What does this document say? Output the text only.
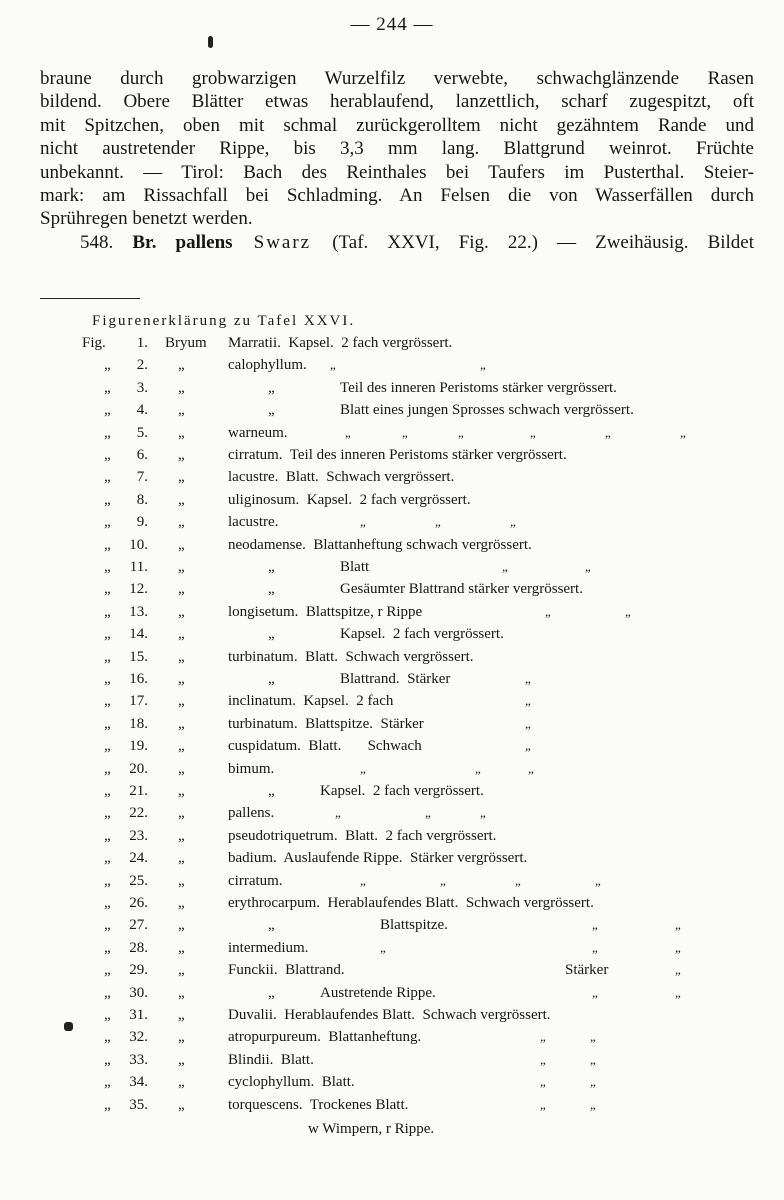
— 244 —
braune durch grobwarzigen Wurzelfilz verwebte, schwachglänzende Rasen
bildend. Obere Blätter etwas herablaufend, lanzettlich, scharf zugespitzt, oft
mit Spitzchen, oben mit schmal zurückgerolltem nicht gezähntem Rande und
nicht austretender Rippe, bis 3,3 mm lang. Blattgrund weinrot. Früchte
unbekannt. — Tirol: Bach des Reinthales bei Taufers im Pusterthal. Steier-
mark: am Rissachfall bei Schladming. An Felsen die von Wasserfällen durch
Sprühregen benetzt werden.
548. Br. pallens Swarz (Taf. XXVI, Fig. 22.) — Zweihäusig. Bildet
Figurenerklärung zu Tafel XXVI.
Fig.	1. Bryum Marratii.  Kapsel.  2 fach vergrössert.
„	2. „	calophyllum. „	„
„	3. „	„	Teil des inneren Peristoms stärker vergrössert.
„	4. „	„	Blatt eines jungen Sprosses schwach vergrössert.
„	5. „	warneum.	„	„	„	„	„	„
„	6. „	cirratum.  Teil des inneren Peristoms stärker vergrössert.
„	7. „	lacustre.  Blatt.  Schwach vergrössert.
„	8. „	uliginosum.  Kapsel.  2 fach vergrössert.
„	9. „	lacustre.	„	„	„
„	10. „	neodamense.  Blattanheftung schwach vergrössert.
„	11. „	„	Blatt	„	„
„	12. „	„	Gesäumter Blattrand stärker vergrössert.
„	13. „	longisetum.  Blattspitze, r Rippe	„	„
„	14. „	„	Kapsel.  2 fach vergrössert.
„	15. „	turbinatum.  Blatt.  Schwach vergrössert.
„	16. „	„	Blattrand.  Stärker	„
„	17. „	inclinatum.  Kapsel.  2 fach	„
„	18. „	turbinatum.  Blattspitze.  Stärker	„
„	19. „	cuspidatum.  Blatt.       Schwach	„
„	20. „	bimum.	„	„	„
„	21. „	„	Kapsel.  2 fach vergrössert.
„	22. „	pallens.	„	„	„
„	23. „	pseudotriquetrum.  Blatt.  2 fach vergrössert.
„	24. „	badium.  Auslaufende Rippe.  Stärker vergrössert.
„	25. „	cirratum.	„	„	„	„
„	26. „	erythrocarpum.  Herablaufendes Blatt.  Schwach vergrössert.
„	27. „	„	Blattspitze.	„	„
„	28. „	intermedium.	„	„	„
„	29. „	Funckii.  Blattrand.	Stärker	„
„	30. „	„	Austretende Rippe.	„	„
„	31. „	Duvalii.  Herablaufendes Blatt.  Schwach vergrössert.
„	32. „	atropurpureum.  Blattanheftung.	„	„
„	33. „	Blindii.  Blatt.	„	„
„	34. „	cyclophyllum.  Blatt.	„	„
„	35. „	torquescens.  Trockenes Blatt.	„	„
w Wimpern, r Rippe.
